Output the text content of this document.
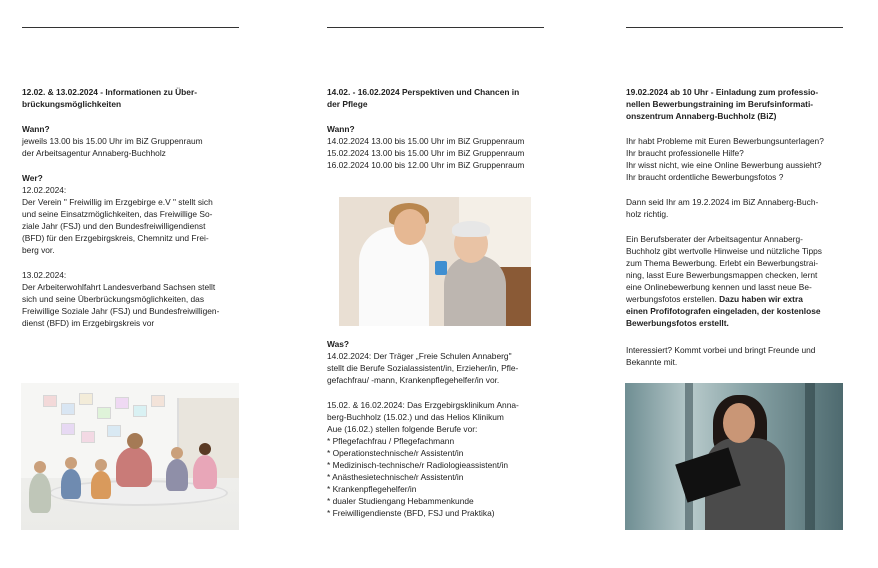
12.02. & 13.02.2024 - Informationen zu Über-
brückungsmöglichkeiten
Wann?
jeweils 13.00 bis 15.00 Uhr im BiZ Gruppenraum
der Arbeitsagentur Annaberg-Buchholz
Wer?
12.02.2024:
Der Verein " Freiwillig im Erzgebirge e.V " stellt sich
und seine Einsatzmöglichkeiten, das Freiwillige So-
ziale Jahr (FSJ) und den Bundesfreiwilligendienst
(BFD) für den Erzgebirgskreis, Chemnitz und Frei-
berg vor.
13.02.2024:
Der Arbeiterwohlfahrt Landesverband Sachsen stellt
sich und seine Überbrückungsmöglichkeiten, das
Freiwillige Soziale Jahr (FSJ) und Bundesfreiwilligen-
dienst (BFD) im Erzgebirgskreis vor
14.02. - 16.02.2024 Perspektiven und Chancen in
der Pflege
Wann?
14.02.2024 13.00 bis 15.00 Uhr im BiZ Gruppenraum
15.02.2024 13.00 bis 15.00 Uhr im BiZ Gruppenraum
16.02.2024 10.00 bis 12.00 Uhr im BiZ Gruppenraum
Was?
14.02.2024: Der Träger „Freie Schulen Annaberg"
stellt die Berufe Sozialassistent/in, Erzieher/in, Pfle-
gefachfrau/ -mann, Krankenpflegehelfer/in vor.
15.02. & 16.02.2024: Das Erzgebirgsklinikum Anna-
berg-Buchholz (15.02.) und das Helios Klinikum
Aue (16.02.) stellen folgende Berufe vor:
* Pflegefachfrau / Pflegefachmann
* Operationstechnische/r Assistent/in
* Medizinisch-technische/r Radiologieassistent/in
* Anästhesietechnische/r Assistent/in
* Krankenpflegehelfer/in
* dualer Studiengang Hebammenkunde
* Freiwilligendienste (BFD, FSJ und Praktika)
19.02.2024 ab 10 Uhr - Einladung zum professio-
nellen Bewerbungstraining im Berufsinformati-
onszentrum Annaberg-Buchholz (BiZ)
Ihr habt Probleme mit Euren Bewerbungsunterlagen?
Ihr braucht professionelle Hilfe?
Ihr wisst nicht, wie eine Online Bewerbung aussieht?
Ihr braucht ordentliche Bewerbungsfotos ?
Dann seid Ihr am 19.2.2024 im BiZ Annaberg-Buch-
holz richtig.
Ein Berufsberater der Arbeitsagentur Annaberg-
Buchholz gibt wertvolle Hinweise und nützliche Tipps
zum Thema Bewerbung. Erlebt ein Bewerbungstrai-
ning, lasst Eure Bewerbungsmappen checken, lernt
eine Onlinebewerbung kennen und lasst neue Be-
werbungsfotos erstellen. Dazu haben wir extra
einen Profifotografen eingeladen, der kostenlose
Bewerbungsfotos erstellt.
Interessiert? Kommt vorbei und bringt Freunde und
Bekannte mit.
